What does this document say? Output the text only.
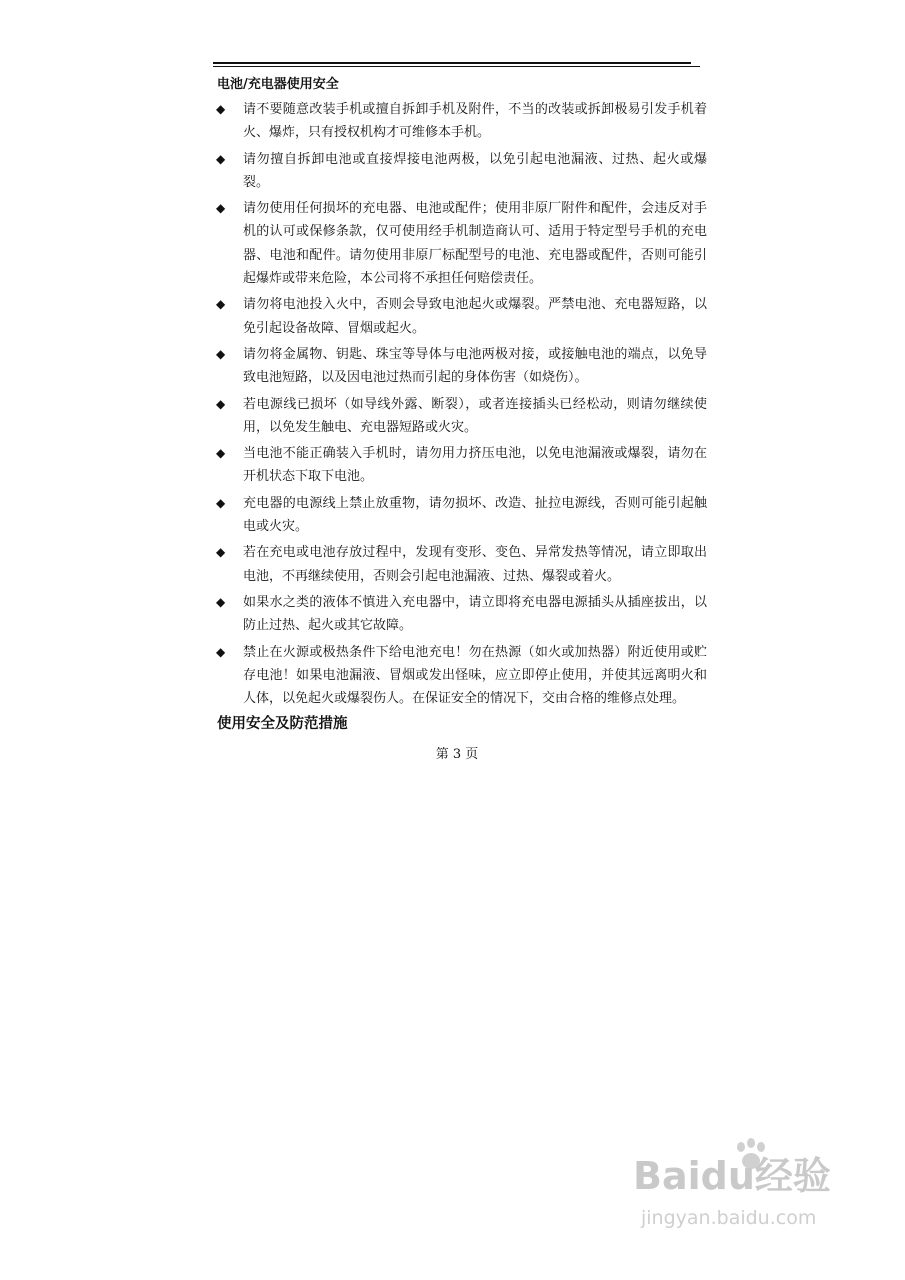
电池/充电器使用安全
◆ 请不要随意改装手机或擅自拆卸手机及附件，不当的改装或拆卸极易引发手机着火、爆炸，只有授权机构才可维修本手机。
◆ 请勿擅自拆卸电池或直接焊接电池两极，以免引起电池漏液、过热、起火或爆裂。
◆ 请勿使用任何损坏的充电器、电池或配件；使用非原厂附件和配件，会违反对手机的认可或保修条款，仅可使用经手机制造商认可、适用于特定型号手机的充电器、电池和配件。请勿使用非原厂标配型号的电池、充电器或配件，否则可能引起爆炸或带来危险，本公司将不承担任何赔偿责任。
◆ 请勿将电池投入火中，否则会导致电池起火或爆裂。严禁电池、充电器短路，以免引起设备故障、冒烟或起火。
◆ 请勿将金属物、钥匙、珠宝等导体与电池两极对接，或接触电池的端点，以免导致电池短路，以及因电池过热而引起的身体伤害（如烧伤）。
◆ 若电源线已损坏（如导线外露、断裂），或者连接插头已经松动，则请勿继续使用，以免发生触电、充电器短路或火灾。
◆ 当电池不能正确装入手机时，请勿用力挤压电池，以免电池漏液或爆裂，请勿在开机状态下取下电池。
◆ 充电器的电源线上禁止放重物，请勿损坏、改造、扯拉电源线，否则可能引起触电或火灾。
◆ 若在充电或电池存放过程中，发现有变形、变色、异常发热等情况，请立即取出电池，不再继续使用，否则会引起电池漏液、过热、爆裂或着火。
◆ 如果水之类的液体不慎进入充电器中，请立即将充电器电源插头从插座拔出，以防止过热、起火或其它故障。
◆ 禁止在火源或极热条件下给电池充电！勿在热源（如火或加热器）附近使用或贮存电池！如果电池漏液、冒烟或发出怪味，应立即停止使用，并使其远离明火和人体，以免起火或爆裂伤人。在保证安全的情况下，交由合格的维修点处理。
使用安全及防范措施
第 3 页
Baidu经验
jingyan.baidu.com
